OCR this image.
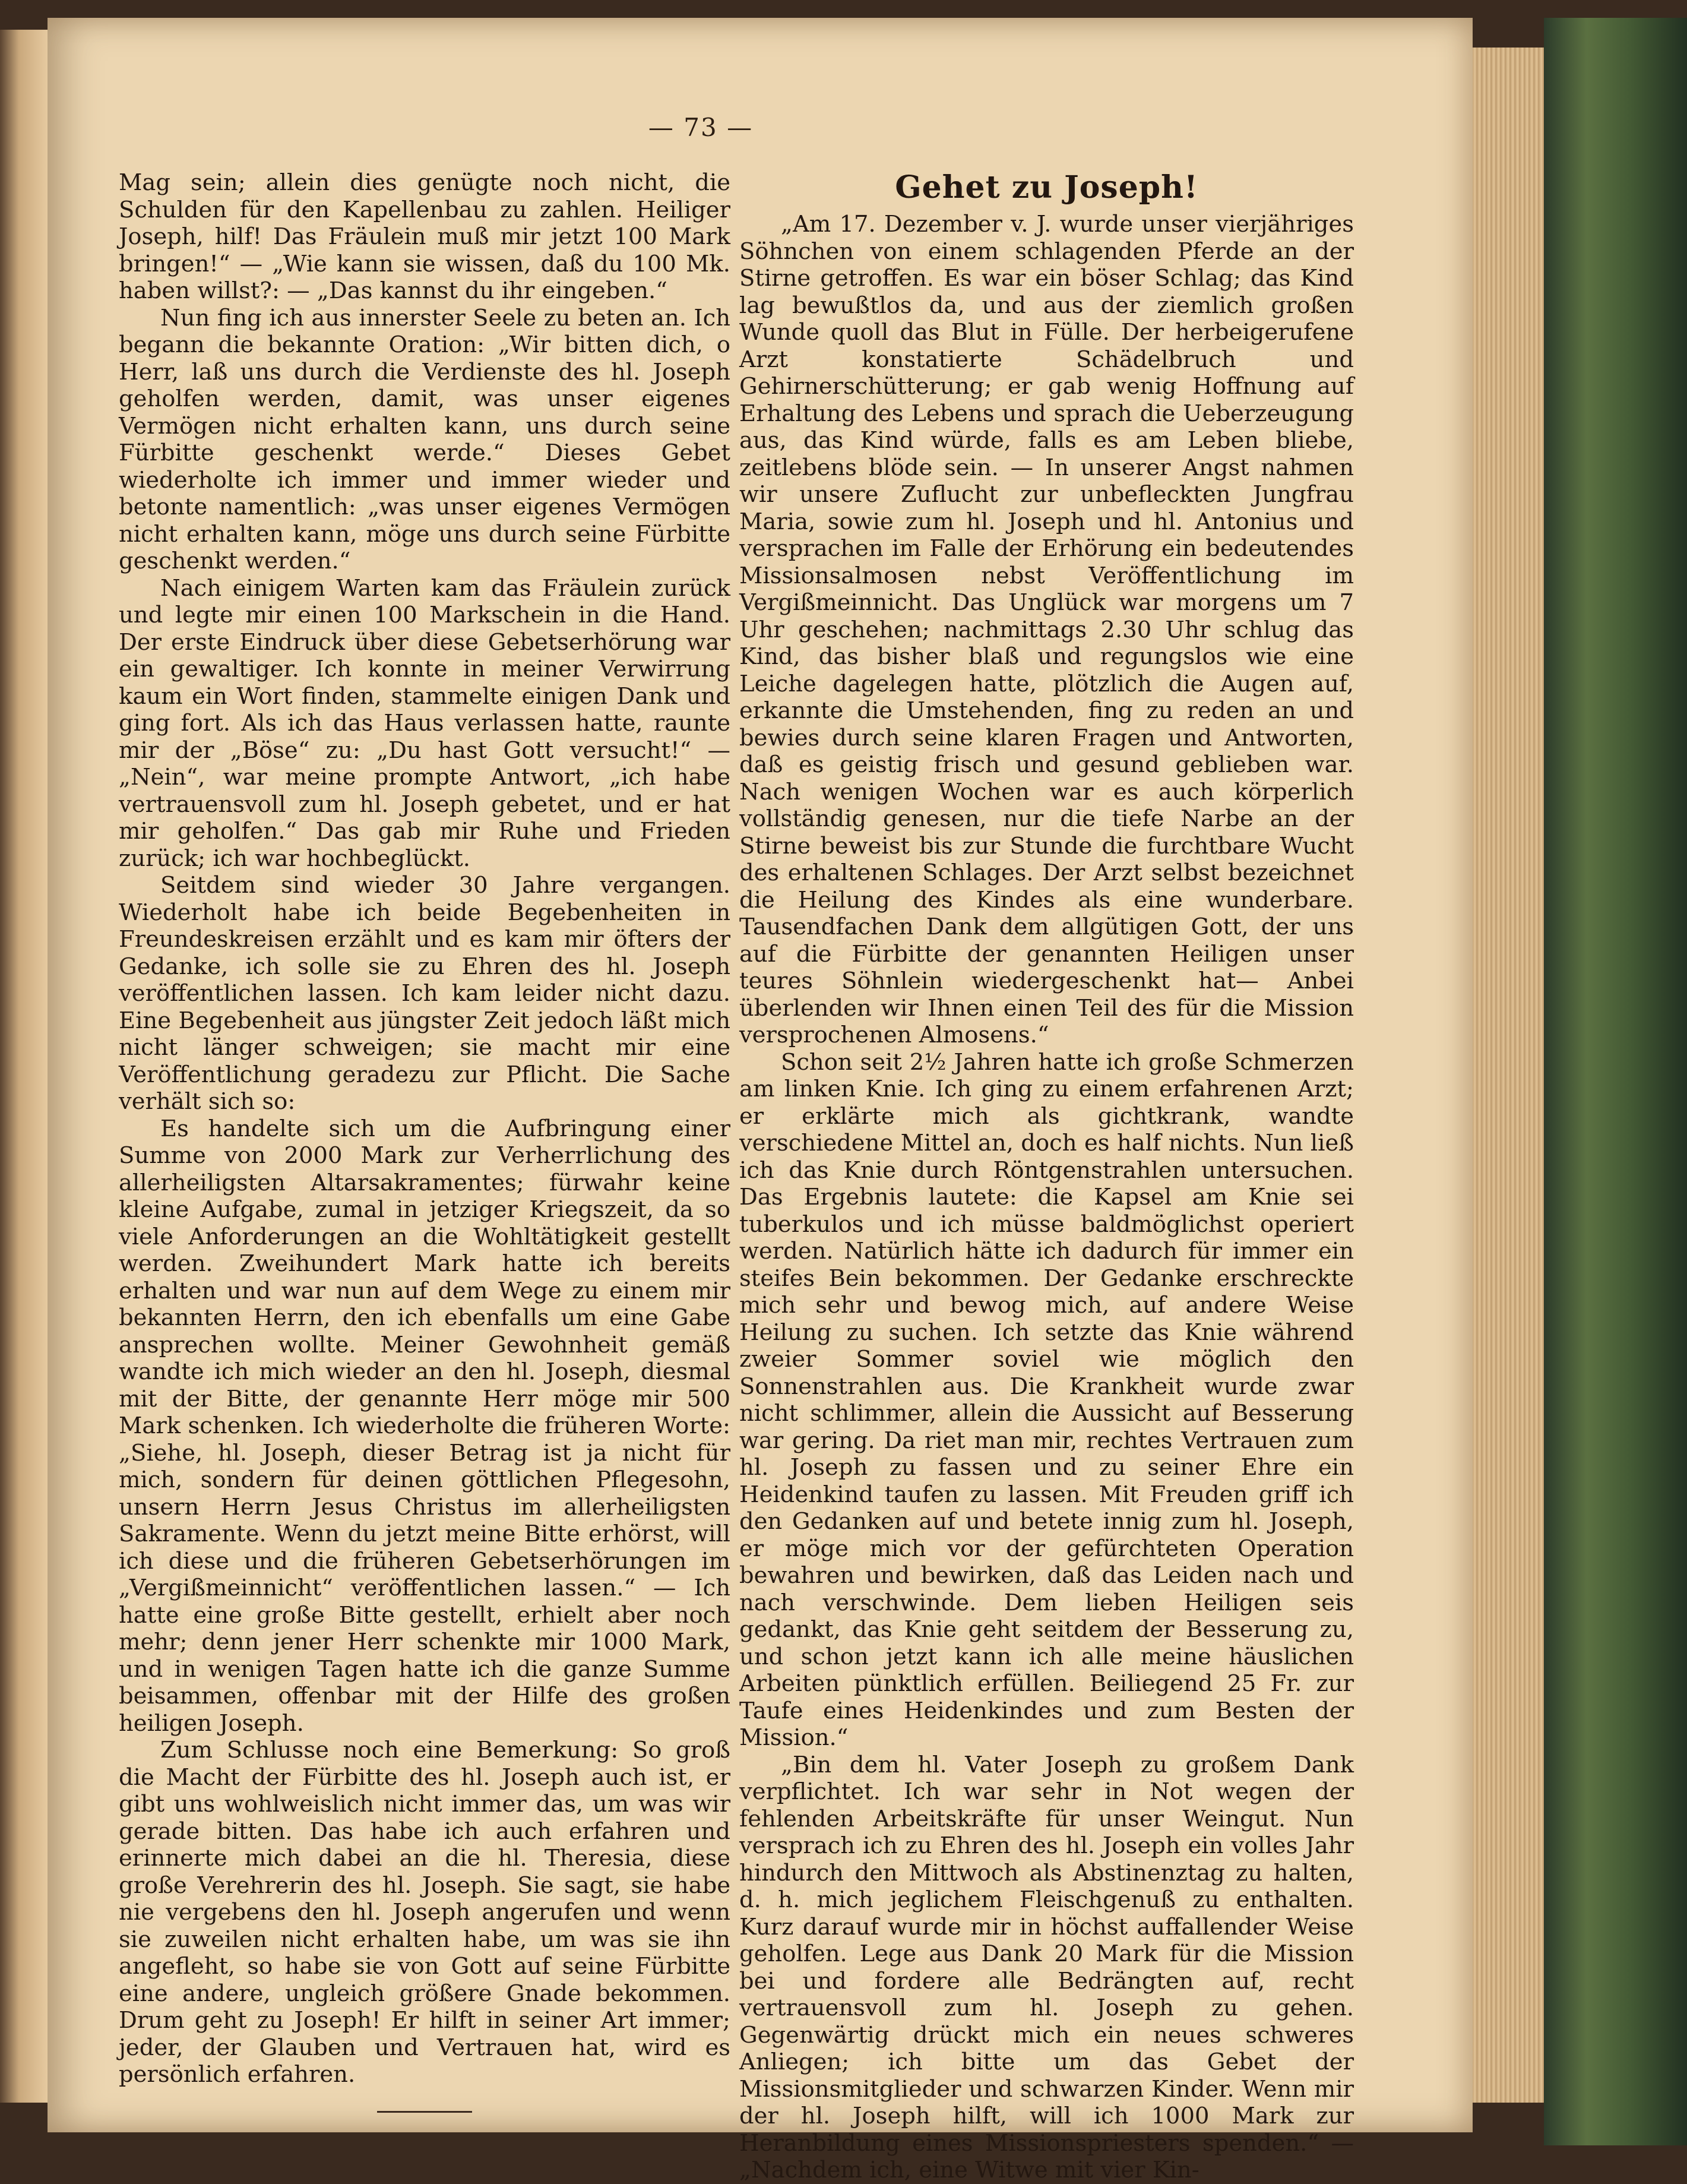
— 73 —

Mag sein; allein dies genügte noch nicht, die Schulden für den Kapellenbau zu zahlen. Heiliger Joseph, hilf! Das Fräulein muß mir jetzt 100 Mark bringen!“ — „Wie kann sie wissen, daß du 100 Mk. haben willst?: — „Das kannst du ihr eingeben.“

Nun fing ich aus innerster Seele zu beten an. Ich begann die bekannte Oration: „Wir bitten dich, o Herr, laß uns durch die Verdienste des hl. Joseph geholfen werden, damit, was unser eigenes Vermögen nicht erhalten kann, uns durch seine Fürbitte geschenkt werde.“ Dieses Gebet wiederholte ich immer und immer wieder und betonte namentlich: „was unser eigenes Vermögen nicht erhalten kann, möge uns durch seine Fürbitte geschenkt werden.“

Nach einigem Warten kam das Fräulein zurück und legte mir einen 100 Markschein in die Hand. Der erste Eindruck über diese Gebetserhörung war ein gewaltiger. Ich konnte in meiner Verwirrung kaum ein Wort finden, stammelte einigen Dank und ging fort. Als ich das Haus verlassen hatte, raunte mir der „Böse“ zu: „Du hast Gott versucht!“ — „Nein“, war meine prompte Antwort, „ich habe vertrauensvoll zum hl. Joseph gebetet, und er hat mir geholfen.“ Das gab mir Ruhe und Frieden zurück; ich war hochbeglückt.

Seitdem sind wieder 30 Jahre vergangen. Wiederholt habe ich beide Begebenheiten in Freundeskreisen erzählt und es kam mir öfters der Gedanke, ich solle sie zu Ehren des hl. Joseph veröffentlichen lassen. Ich kam leider nicht dazu. Eine Begebenheit aus jüngster Zeit jedoch läßt mich nicht länger schweigen; sie macht mir eine Veröffentlichung geradezu zur Pflicht. Die Sache verhält sich so:

Es handelte sich um die Aufbringung einer Summe von 2000 Mark zur Verherrlichung des allerheiligsten Altarsakramentes; fürwahr keine kleine Aufgabe, zumal in jetziger Kriegszeit, da so viele Anforderungen an die Wohltätigkeit gestellt werden. Zweihundert Mark hatte ich bereits erhalten und war nun auf dem Wege zu einem mir bekannten Herrn, den ich ebenfalls um eine Gabe ansprechen wollte. Meiner Gewohnheit gemäß wandte ich mich wieder an den hl. Joseph, diesmal mit der Bitte, der genannte Herr möge mir 500 Mark schenken. Ich wiederholte die früheren Worte: „Siehe, hl. Joseph, dieser Betrag ist ja nicht für mich, sondern für deinen göttlichen Pflegesohn, unsern Herrn Jesus Christus im allerheiligsten Sakramente. Wenn du jetzt meine Bitte erhörst, will ich diese und die früheren Gebetserhörungen im „Vergißmeinnicht“ veröffentlichen lassen.“ — Ich hatte eine große Bitte gestellt, erhielt aber noch mehr; denn jener Herr schenkte mir 1000 Mark, und in wenigen Tagen hatte ich die ganze Summe beisammen, offenbar mit der Hilfe des großen heiligen Joseph.

Zum Schlusse noch eine Bemerkung: So groß die Macht der Fürbitte des hl. Joseph auch ist, er gibt uns wohlweislich nicht immer das, um was wir gerade bitten. Das habe ich auch erfahren und erinnerte mich dabei an die hl. Theresia, diese große Verehrerin des hl. Joseph. Sie sagt, sie habe nie vergebens den hl. Joseph angerufen und wenn sie zuweilen nicht erhalten habe, um was sie ihn angefleht, so habe sie von Gott auf seine Fürbitte eine andere, ungleich größere Gnade bekommen. Drum geht zu Joseph! Er hilft in seiner Art immer; jeder, der Glauben und Vertrauen hat, wird es persönlich erfahren.

Gehet zu Joseph!

„Am 17. Dezember v. J. wurde unser vierjähriges Söhnchen von einem schlagenden Pferde an der Stirne getroffen. Es war ein böser Schlag; das Kind lag bewußtlos da, und aus der ziemlich großen Wunde quoll das Blut in Fülle. Der herbeigerufene Arzt konstatierte Schädelbruch und Gehirnerschütterung; er gab wenig Hoffnung auf Erhaltung des Lebens und sprach die Ueberzeugung aus, das Kind würde, falls es am Leben bliebe, zeitlebens blöde sein. — In unserer Angst nahmen wir unsere Zuflucht zur unbefleckten Jungfrau Maria, sowie zum hl. Joseph und hl. Antonius und versprachen im Falle der Erhörung ein bedeutendes Missionsalmosen nebst Veröffentlichung im Vergißmeinnicht. Das Unglück war morgens um 7 Uhr geschehen; nachmittags 2.30 Uhr schlug das Kind, das bisher blaß und regungslos wie eine Leiche dagelegen hatte, plötzlich die Augen auf, erkannte die Umstehenden, fing zu reden an und bewies durch seine klaren Fragen und Antworten, daß es geistig frisch und gesund geblieben war. Nach wenigen Wochen war es auch körperlich vollständig genesen, nur die tiefe Narbe an der Stirne beweist bis zur Stunde die furchtbare Wucht des erhaltenen Schlages. Der Arzt selbst bezeichnet die Heilung des Kindes als eine wunderbare. Tausendfachen Dank dem allgütigen Gott, der uns auf die Fürbitte der genannten Heiligen unser teures Söhnlein wiedergeschenkt hat— Anbei überlenden wir Ihnen einen Teil des für die Mission versprochenen Almosens.“

Schon seit 2½ Jahren hatte ich große Schmerzen am linken Knie. Ich ging zu einem erfahrenen Arzt; er erklärte mich als gichtkrank, wandte verschiedene Mittel an, doch es half nichts. Nun ließ ich das Knie durch Röntgenstrahlen untersuchen. Das Ergebnis lautete: die Kapsel am Knie sei tuberkulos und ich müsse baldmöglichst operiert werden. Natürlich hätte ich dadurch für immer ein steifes Bein bekommen. Der Gedanke erschreckte mich sehr und bewog mich, auf andere Weise Heilung zu suchen. Ich setzte das Knie während zweier Sommer soviel wie möglich den Sonnenstrahlen aus. Die Krankheit wurde zwar nicht schlimmer, allein die Aussicht auf Besserung war gering. Da riet man mir, rechtes Vertrauen zum hl. Joseph zu fassen und zu seiner Ehre ein Heidenkind taufen zu lassen. Mit Freuden griff ich den Gedanken auf und betete innig zum hl. Joseph, er möge mich vor der gefürchteten Operation bewahren und bewirken, daß das Leiden nach und nach verschwinde. Dem lieben Heiligen seis gedankt, das Knie geht seitdem der Besserung zu, und schon jetzt kann ich alle meine häuslichen Arbeiten pünktlich erfüllen. Beiliegend 25 Fr. zur Taufe eines Heidenkindes und zum Besten der Mission.“

„Bin dem hl. Vater Joseph zu großem Dank verpflichtet. Ich war sehr in Not wegen der fehlenden Arbeitskräfte für unser Weingut. Nun versprach ich zu Ehren des hl. Joseph ein volles Jahr hindurch den Mittwoch als Abstinenztag zu halten, d. h. mich jeglichem Fleischgenuß zu enthalten. Kurz darauf wurde mir in höchst auffallender Weise geholfen. Lege aus Dank 20 Mark für die Mission bei und fordere alle Bedrängten auf, recht vertrauensvoll zum hl. Joseph zu gehen. Gegenwärtig drückt mich ein neues schweres Anliegen; ich bitte um das Gebet der Missionsmitglieder und schwarzen Kinder. Wenn mir der hl. Joseph hilft, will ich 1000 Mark zur Heranbildung eines Missionspriesters spenden.“ — „Nachdem ich, eine Witwe mit vier Kin-
